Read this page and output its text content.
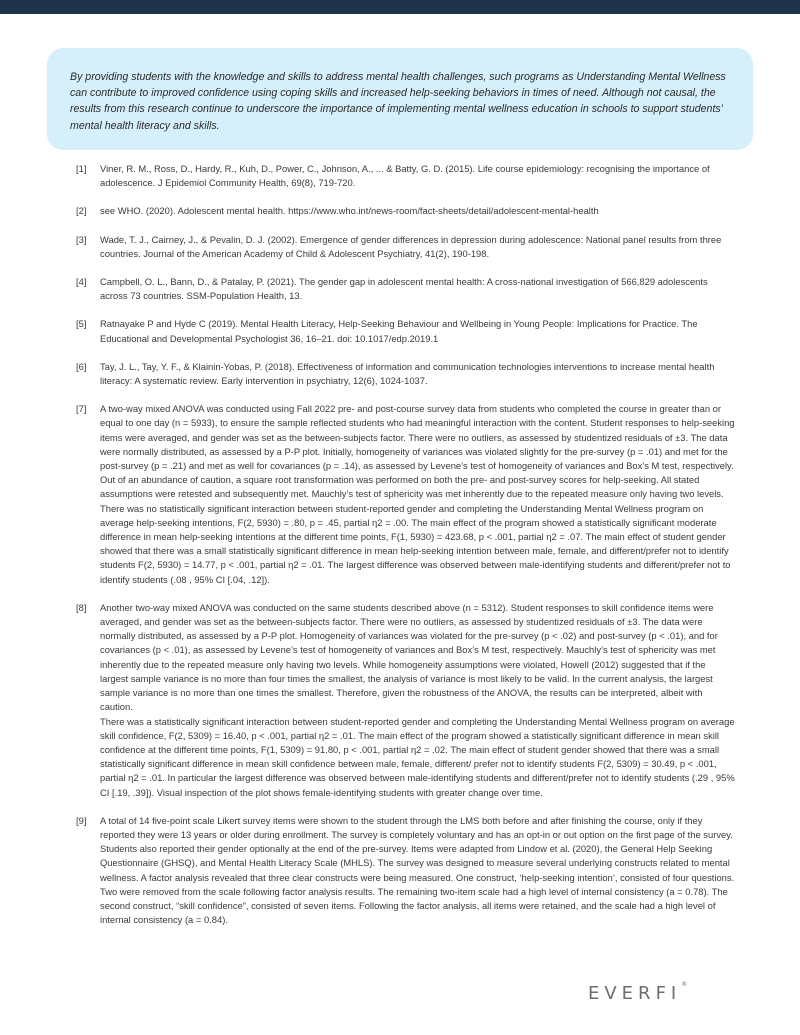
By providing students with the knowledge and skills to address mental health challenges, such programs as Understanding Mental Wellness can contribute to improved confidence using coping skills and increased help-seeking behaviors in times of need. Although not causal, the results from this research continue to underscore the importance of implementing mental wellness education in schools to support students’ mental health literacy and skills.

[1]	Viner, R. M., Ross, D., Hardy, R., Kuh, D., Power, C., Johnson, A., ... & Batty, G. D. (2015). Life course epidemiology: recognising the importance of adolescence. J Epidemiol Community Health, 69(8), 719-720.

[2]	see WHO. (2020). Adolescent mental health. https://www.who.int/news-room/fact-sheets/detail/adolescent-mental-health

[3]	Wade, T. J., Cairney, J., & Pevalin, D. J. (2002). Emergence of gender differences in depression during adolescence: National panel results from three countries. Journal of the American Academy of Child & Adolescent Psychiatry, 41(2), 190-198.

[4]	Campbell, O. L., Bann, D., & Patalay, P. (2021). The gender gap in adolescent mental health: A cross-national investigation of 566,829 adolescents across 73 countries. SSM-Population Health, 13.

[5]	Ratnayake P and Hyde C (2019). Mental Health Literacy, Help-Seeking Behaviour and Wellbeing in Young People: Implications for Practice. The Educational and Developmental Psychologist 36, 16–21. doi: 10.1017/edp.2019.1

[6]	Tay, J. L., Tay, Y. F., & Klainin-Yobas, P. (2018). Effectiveness of information and communication technologies interventions to increase mental health literacy: A systematic review. Early intervention in psychiatry, 12(6), 1024-1037.

[7]	A two-way mixed ANOVA was conducted using Fall 2022 pre- and post-course survey data from students who completed the course in greater than or equal to one day (n = 5933), to ensure the sample reflected students who had meaningful interaction with the content. Student responses to help-seeking items were averaged, and gender was set as the between-subjects factor. There were no outliers, as assessed by studentized residuals of ±3. The data were normally distributed, as assessed by a P-P plot. Initially, homogeneity of variances was violated slightly for the pre-survey (p = .01) and met for the post-survey (p = .21) and met as well for covariances (p = .14), as assessed by Levene’s test of homogeneity of variances and Box’s M test, respectively. Out of an abundance of caution, a square root transformation was performed on both the pre- and post-survey scores for help-seeking. All stated assumptions were retested and subsequently met. Mauchly’s test of sphericity was met inherently due to the repeated measure only having two levels.

There was no statistically significant interaction between student-reported gender and completing the Understanding Mental Wellness program on average help-seeking intentions, F(2, 5930) = .80, p = .45, partial η2 = .00. The main effect of the program showed a statistically significant moderate difference in mean help-seeking intentions at the different time points, F(1, 5930) = 423.68, p < .001, partial η2 = .07. The main effect of student gender showed that there was a small statistically significant difference in mean help-seeking intention between male, female, and different/prefer not to identify students F(2, 5930) = 14.77, p < .001, partial η2 = .01. The largest difference was observed between male-identifying students and different/prefer not to identify students (.08 , 95% CI [.04, .12]).

[8]	Another two-way mixed ANOVA was conducted on the same students described above (n = 5312). Student responses to skill confidence items were averaged, and gender was set as the between-subjects factor. There were no outliers, as assessed by studentized residuals of ±3. The data were normally distributed, as assessed by a P-P plot. Homogeneity of variances was violated for the pre-survey (p < .02) and post-survey (p < .01), and for covariances (p < .01), as assessed by Levene’s test of homogeneity of variances and Box’s M test, respectively. Mauchly’s test of sphericity was met inherently due to the repeated measure only having two levels. While homogeneity assumptions were violated, Howell (2012) suggested that if the largest sample variance is no more than four times the smallest, the analysis of variance is most likely to be valid. In the current analysis, the largest sample variance is no more than one times the smallest. Therefore, given the robustness of the ANOVA, the results can be interpreted, albeit with caution.

There was a statistically significant interaction between student-reported gender and completing the Understanding Mental Wellness program on average skill confidence, F(2, 5309) = 16.40, p < .001, partial η2 = .01. The main effect of the program showed a statistically significant difference in mean skill confidence at the different time points, F(1, 5309) = 91.80, p < .001, partial η2 = .02. The main effect of student gender showed that there was a small statistically significant difference in mean skill confidence between male, female, different/ prefer not to identify students F(2, 5309) = 30.49, p < .001, partial η2 = .01. In particular the largest difference was observed between male-identifying students and different/prefer not to identify students (.29 , 95% CI [.19, .39]). Visual inspection of the plot shows female-identifying students with greater change over time.

[9]	A total of 14 five-point scale Likert survey items were shown to the student through the LMS both before and after finishing the course, only if they reported they were 13 years or older during enrollment. The survey is completely voluntary and has an opt-in or out option on the first page of the survey. Students also reported their gender optionally at the end of the pre-survey. Items were adapted from Lindow et al. (2020), the General Help Seeking Questionnaire (GHSQ), and Mental Health Literacy Scale (MHLS). The survey was designed to measure several underlying constructs related to mental wellness. A factor analysis revealed that three clear constructs were being measured. One construct, ‘help-seeking intention’, consisted of four questions. Two were removed from the scale following factor analysis results. The remaining two-item scale had a high level of internal consistency (a = 0.78). The second construct, “skill confidence”, consisted of seven items. Following the factor analysis, all items were retained, and the scale had a high level of internal consistency (a = 0.84).

EVERFI®
